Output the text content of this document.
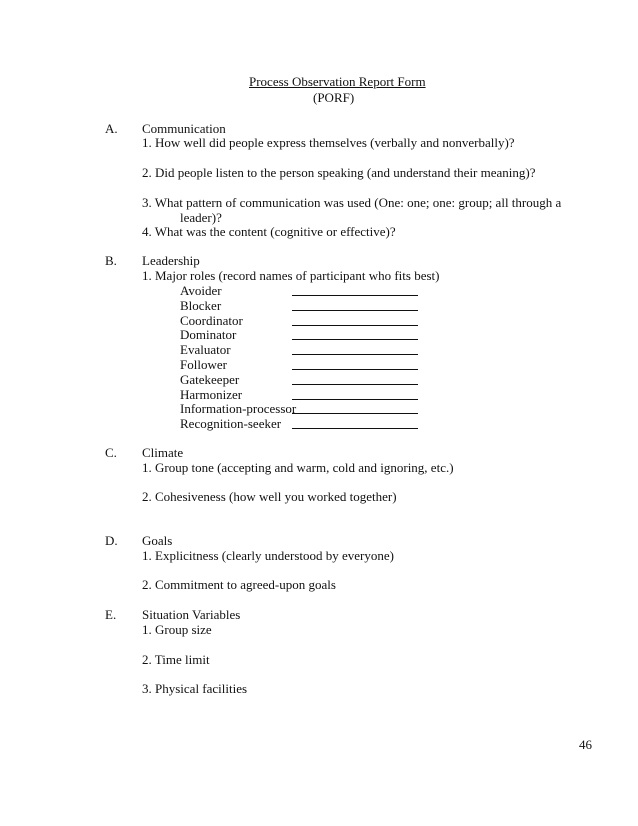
Process Observation Report Form
(PORF)
A. Communication
1. How well did people express themselves (verbally and nonverbally)?
2. Did people listen to the person speaking (and understand their meaning)?
3. What pattern of communication was used (One: one; one: group; all through a
leader)?
4. What was the content (cognitive or effective)?
B. Leadership
1. Major roles (record names of participant who fits best)
Avoider
Blocker
Coordinator
Dominator
Evaluator
Follower
Gatekeeper
Harmonizer
Information-processor
Recognition-seeker
C. Climate
1. Group tone (accepting and warm, cold and ignoring, etc.)
2. Cohesiveness (how well you worked together)
D. Goals
1. Explicitness (clearly understood by everyone)
2. Commitment to agreed-upon goals
E. Situation Variables
1. Group size
2. Time limit
3. Physical facilities
46
